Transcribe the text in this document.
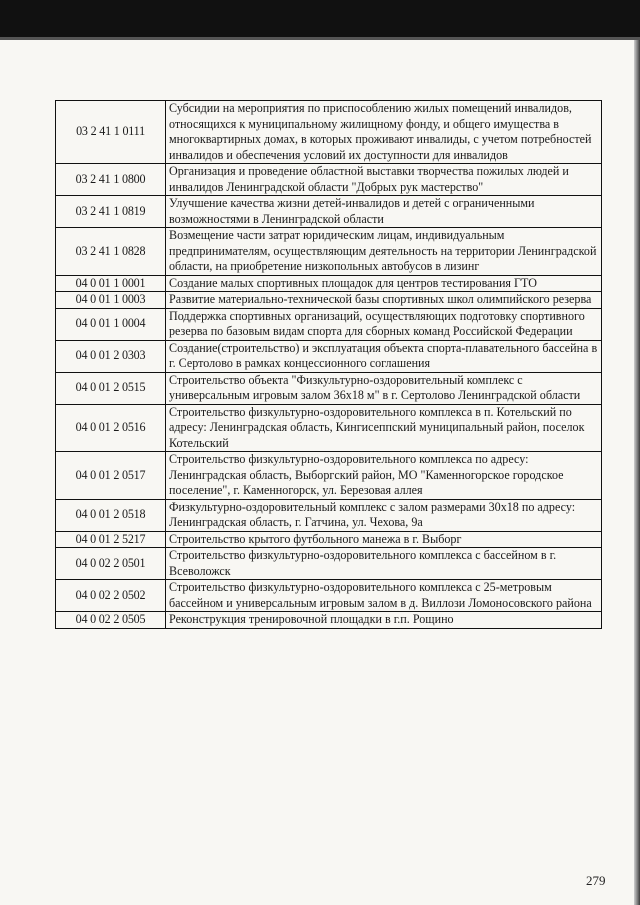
03 2 41 1 0111	Субсидии на мероприятия по приспособлению жилых помещений инвалидов, относящихся к муниципальному жилищному фонду, и общего имущества в многоквартирных домах, в которых проживают инвалиды, с учетом потребностей инвалидов и обеспечения условий их доступности для инвалидов
03 2 41 1 0800	Организация и проведение областной выставки творчества пожилых людей и инвалидов Ленинградской области "Добрых рук мастерство"
03 2 41 1 0819	Улучшение качества жизни детей-инвалидов и детей с ограниченными возможностями в Ленинградской области
03 2 41 1 0828	Возмещение части затрат юридическим лицам, индивидуальным предпринимателям, осуществляющим деятельность на территории Ленинградской области, на приобретение низкопольных автобусов в лизинг
04 0 01 1 0001	Создание малых спортивных площадок для центров тестирования ГТО
04 0 01 1 0003	Развитие материально-технической базы спортивных школ олимпийского резерва
04 0 01 1 0004	Поддержка спортивных организаций, осуществляющих подготовку спортивного резерва по базовым видам спорта для сборных команд Российской Федерации
04 0 01 2 0303	Создание(строительство) и эксплуатация объекта спортa-плавательного бассейна в г. Сертолово в рамках концессионного соглашения
04 0 01 2 0515	Строительство объекта "Физкультурно-оздоровительный комплекс с универсальным игровым залом 36х18 м" в г. Сертолово Ленинградской области
04 0 01 2 0516	Строительство физкультурно-оздоровительного комплекса в п. Котельский по адресу: Ленинградская область, Кингисеппский муниципальный район, поселок Котельский
04 0 01 2 0517	Строительство физкультурно-оздоровительного комплекса по адресу: Ленинградская область, Выборгский район, МО "Каменногорское городское поселение", г. Каменногорск, ул. Березовая аллея
04 0 01 2 0518	Физкультурно-оздоровительный комплекс с залом размерами 30х18 по адресу: Ленинградская область, г. Гатчина, ул. Чехова, 9а
04 0 01 2 5217	Строительство крытого футбольного манежа в г. Выборг
04 0 02 2 0501	Строительство физкультурно-оздоровительного комплекса с бассейном в г. Всеволожск
04 0 02 2 0502	Строительство физкультурно-оздоровительного комплекса с 25-метровым бассейном и универсальным игровым залом в д. Виллози Ломоносовского района
04 0 02 2 0505	Реконструкция тренировочной площадки в г.п. Рощино
279
